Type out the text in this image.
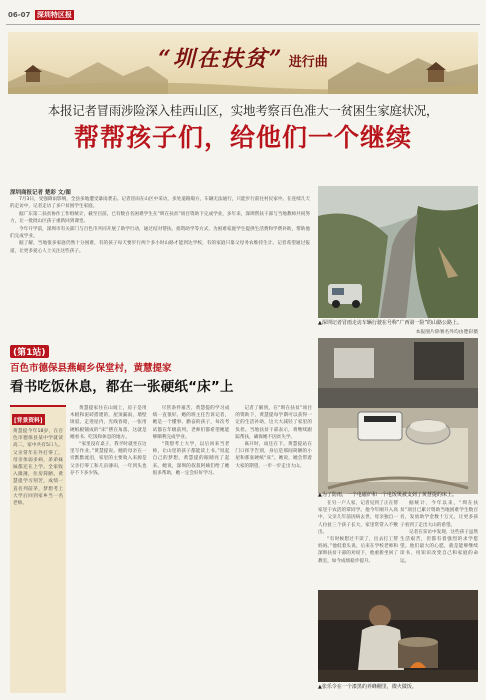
06-07 深圳特区报
“圳在扶贫” 进行曲
本报记者冒雨涉险深入桂西山区，实地考察百色准大一贫困生家庭状况，
帮帮孩子们，给他们一个继续
深圳商报记者 楚彩 文/图

7月3日，受强降雨影响，全县多地遭受暴雨袭击。记者冒雨在山区中采访，多处道路塌方，车辆无法通行，只能步行前往村民家中。在连续几天的走访中，记者走访了多户贫困学生家庭。

据广东第二扶贫协作工作组统计，截至目前，已有数百名困难学生在“圳在扶贫”项目资助下完成学业，多年来，深圳帮扶干部与当地教师共同努力，让一批批山区孩子重新回到课堂。

今年开学前，深圳市有关部门与百色市共同开展了助学行动，通过结对帮扶、捐资助学等方式，为困难家庭学生提供生活费和学费补助，帮助他们完成学业。

据了解，当地很多家庭仍然十分困难，有的孩子每天要步行两个多小时山路才能到达学校，有的家庭只靠父母务农维持生计。记者希望通过报道，让更多爱心人士关注这些孩子。

(第1站)
百色市德保县燕峒乡保堂村，黄慧提家
看书吃饭休息，都在一张硬纸“床”上
[背景资料]
黄慧提今年18岁，在百色市德保县某中学就读高二，家中共有5口人。父亲常年在外打零工，母亲体弱多病，弟弟妹妹都还在上学。全家收入微薄，住房简陋。黄慧提学习刻苦，成绩一直名列前茅，梦想考上大学后回到家乡当一名老师。

黄慧提家住在山坡上，房子是用木板和泥砖搭建的，屋顶漏雨，墙壁斑驳。走进屋内，光线昏暗，一张用硬纸板铺成的“床”摆在角落，这就是她看书、吃饭和休息的地方。

“家里没有桌子，我平时就坐在这里写作业。”黄慧提说。她的母亲在一旁默默流泪，家里的主要收入来源是父亲打零工和几亩薄田，一年到头也存不下多少钱。

尽管条件艰苦，黄慧提的学习成绩一直很好。她的班主任告诉记者，她是一个懂事、勤奋的孩子，每次考试都在年级前列。老师们都希望她能够顺利完成学业。

“我想考上大学，以后回来当老师，让山里的孩子都能读上书。”说起自己的梦想，黄慧提的眼睛亮了起来。她说，深圳的叔叔阿姨们给了她很多帮助，她一定会好好学习。

记者了解到，在“圳在扶贫”项目的资助下，黄慧提每学期可以获得一定的生活补助，这大大减轻了家里的负担。当地扶贫干部表示，将继续跟踪帮扶，确保她不因贫失学。

离开时，雨还在下。黄慧提站在门口挥手告别，身后是那间简陋的小屋和那张硬纸“床”。她说，她会带着大家的期望，一步一步走出大山。

▲深圳记者冒雨走访车辆行驶在号称“广西第一险”的山路公路上。
本报图片除署名外均由楚彩摄
▲为了防雨，一个电磁炉和一个电饭煲被支到了黄慧提的床上。

在另一户人家，记者见到了正在帮家里干农活的覃同学。他今年刚升入高中，父亲几年前因病去世，母亲独自一人拉扯三个孩子长大，家里常常入不敷出。

“有时候想过不读了，出去打工帮妈妈。”他低着头说。后来在学校老师和深圳扶贫干部的劝说下，他重新坐回了教室，如今成绩稳步提升。

据统计，今年以来，“圳在扶贫”项目已累计资助当地困难学生数百名，发放助学金数十万元，让更多孩子看到了走出大山的希望。

记者在采访中发现，这些孩子虽然生活艰苦，但都有着强烈的求学愿望。他们最大的心愿，就是能够继续读书，用知识改变自己和家庭的命运。

▲张乐令在一个漆黑的养蜂棚里，微火做饭。
